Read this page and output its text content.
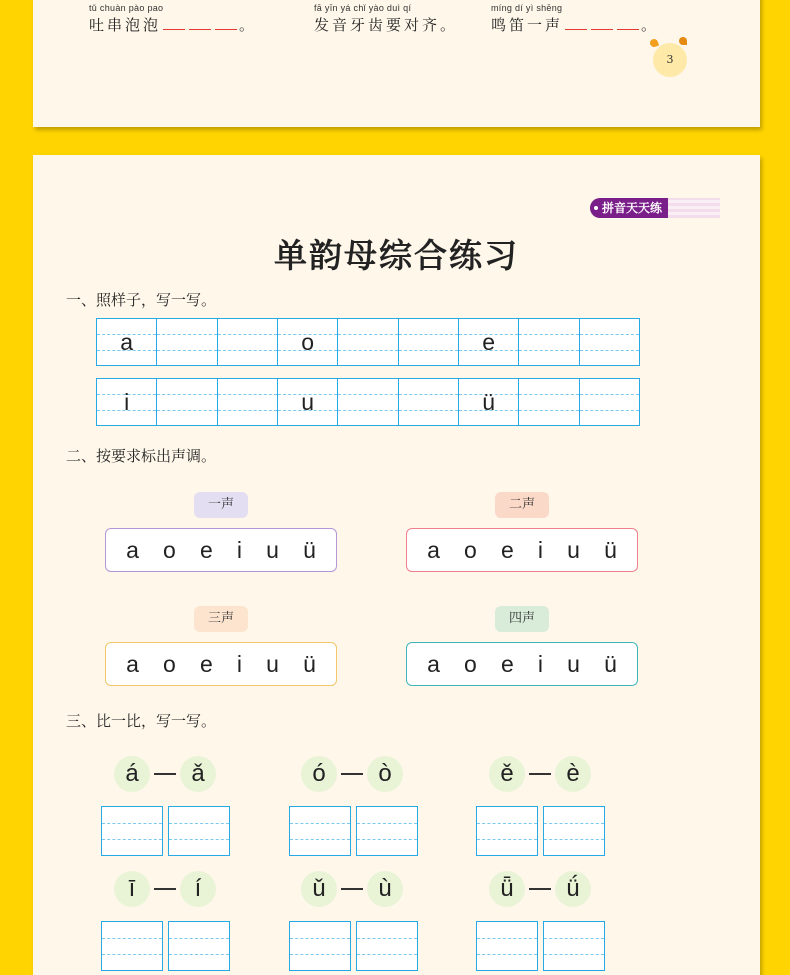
tǔ chuàn pào pao
吐串泡泡	。
fā yīn yá chǐ yào duì qí
发音牙齿要对齐。
míng dí yì shēng
鸣笛一声	。
3
拼音天天练
单韵母综合练习
一、照样子，写一写。
a	o	e
i	u	ü
二、按要求标出声调。
一声
a o e i u ü
二声
a o e i u ü
三声
a o e i u ü
四声
a o e i u ü
三、比一比，写一写。
á	ǎ	ó	ò	ě	è
ī	í	ǔ	ù	ǖ	ǘ
